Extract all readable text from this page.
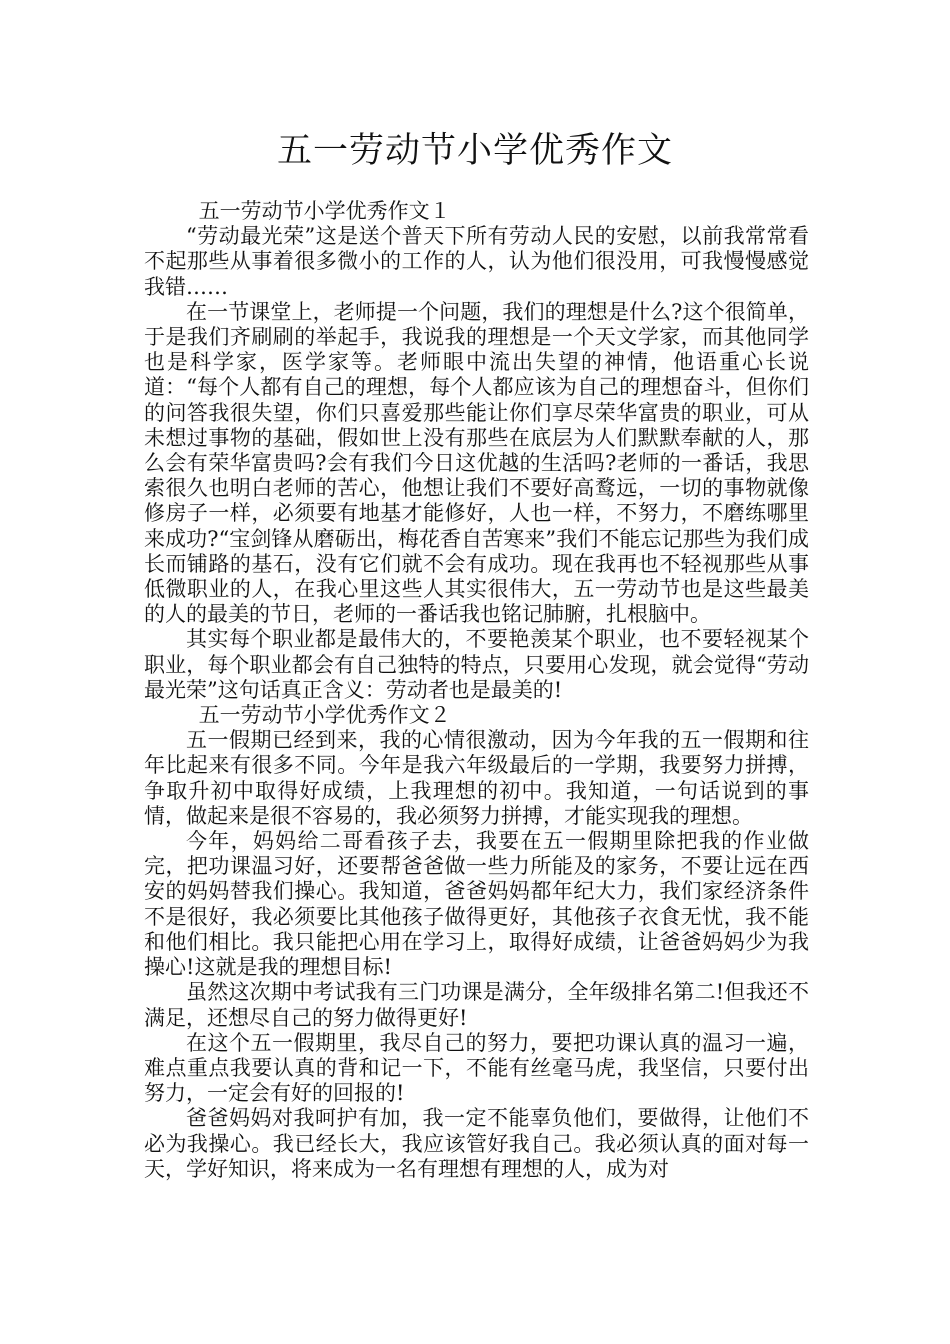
五一劳动节小学优秀作文
五一劳动节小学优秀作文１

“劳动最光荣”这是送个普天下所有劳动人民的安慰，以前我常常看不起那些从事着很多微小的工作的人，认为他们很没用，可我慢慢感觉我错……

在一节课堂上，老师提一个问题，我们的理想是什么?这个很简单，于是我们齐刷刷的举起手，我说我的理想是一个天文学家，而其他同学也是科学家，医学家等。老师眼中流出失望的神情，他语重心长说道：“每个人都有自己的理想，每个人都应该为自己的理想奋斗，但你们的问答我很失望，你们只喜爱那些能让你们享尽荣华富贵的职业，可从未想过事物的基础，假如世上没有那些在底层为人们默默奉献的人，那么会有荣华富贵吗?会有我们今日这优越的生活吗?老师的一番话，我思索很久也明白老师的苦心，他想让我们不要好高鹜远，一切的事物就像修房子一样，必须要有地基才能修好，人也一样，不努力，不磨练哪里来成功?“宝剑锋从磨砺出，梅花香自苦寒来”我们不能忘记那些为我们成长而铺路的基石，没有它们就不会有成功。现在我再也不轻视那些从事低微职业的人，在我心里这些人其实很伟大，五一劳动节也是这些最美的人的最美的节日，老师的一番话我也铭记肺腑，扎根脑中。

其实每个职业都是最伟大的，不要艳羡某个职业，也不要轻视某个职业，每个职业都会有自己独特的特点，只要用心发现，就会觉得“劳动最光荣”这句话真正含义：劳动者也是最美的!

五一劳动节小学优秀作文２

五一假期已经到来，我的心情很激动，因为今年我的五一假期和往年比起来有很多不同。今年是我六年级最后的一学期，我要努力拼搏，争取升初中取得好成绩，上我理想的初中。我知道，一句话说到的事情，做起来是很不容易的，我必须努力拼搏，才能实现我的理想。

今年，妈妈给二哥看孩子去，我要在五一假期里除把我的作业做完，把功课温习好，还要帮爸爸做一些力所能及的家务，不要让远在西安的妈妈替我们操心。我知道，爸爸妈妈都年纪大力，我们家经济条件不是很好，我必须要比其他孩子做得更好，其他孩子衣食无忧，我不能和他们相比。我只能把心用在学习上，取得好成绩，让爸爸妈妈少为我操心!这就是我的理想目标!

虽然这次期中考试我有三门功课是满分，全年级排名第二!但我还不满足，还想尽自己的努力做得更好!

在这个五一假期里，我尽自己的努力，要把功课认真的温习一遍，难点重点我要认真的背和记一下，不能有丝毫马虎，我坚信，只要付出努力，一定会有好的回报的!

爸爸妈妈对我呵护有加，我一定不能辜负他们，要做得，让他们不必为我操心。我已经长大，我应该管好我自己。我必须认真的面对每一天，学好知识，将来成为一名有理想有理想的人，成为对
